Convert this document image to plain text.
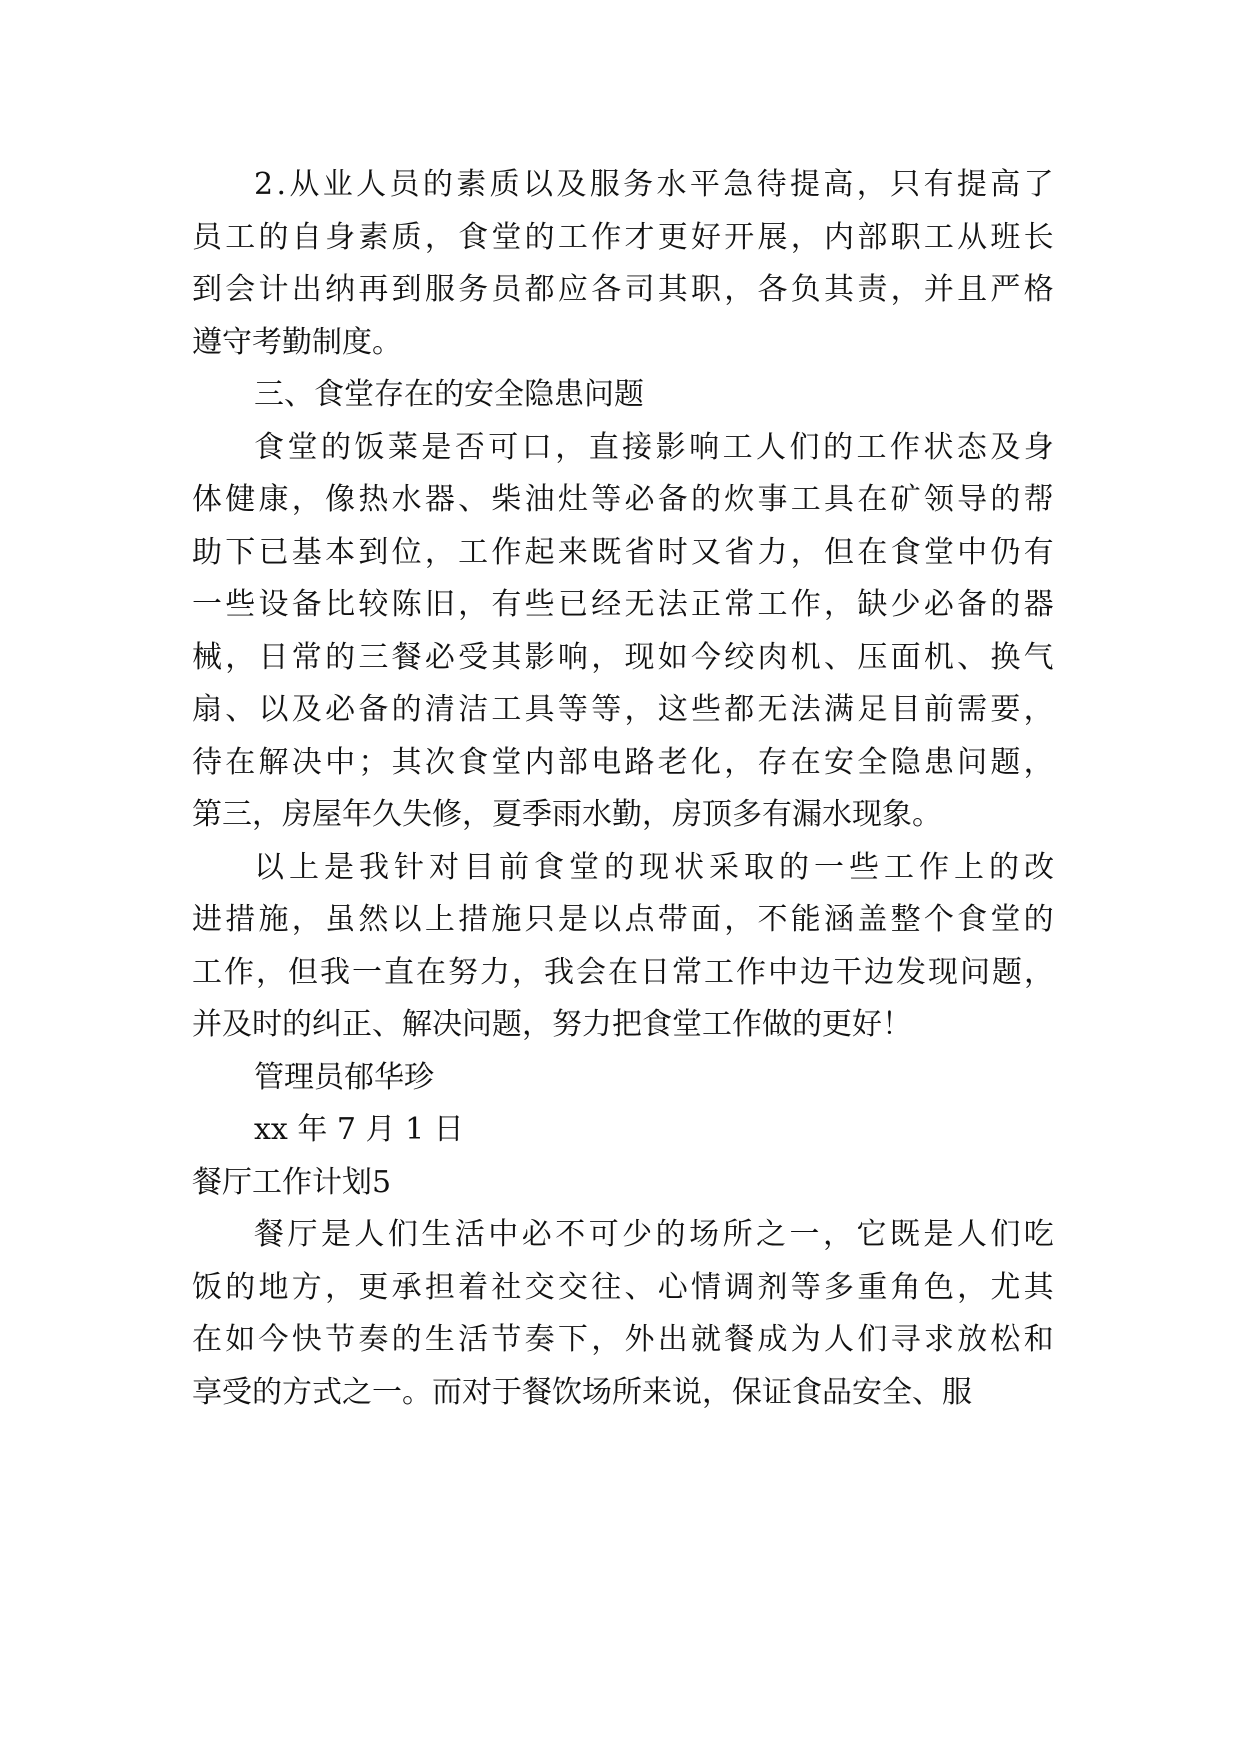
2 . 从 业 人 员 的 素 质 以 及 服 务 水 平 急 待 提 高 ， 只 有 提 高 了
员 工 的 自 身 素 质 ， 食 堂 的 工 作 才 更 好 开 展 ， 内 部 职 工 从 班 长
到 会 计 出 纳 再 到 服 务 员 都 应 各 司 其 职 ， 各 负 其 责 ， 并 且 严 格
遵守考勤制度。
三、食堂存在的安全隐患问题
食 堂 的 饭 菜 是 否 可 口 ， 直 接 影 响 工 人 们 的 工 作 状 态 及 身
体 健 康 ， 像 热 水 器 、 柴 油 灶 等 必 备 的 炊 事 工 具 在 矿 领 导 的 帮
助 下 已 基 本 到 位 ， 工 作 起 来 既 省 时 又 省 力 ， 但 在 食 堂 中 仍 有
一 些 设 备 比 较 陈 旧 ， 有 些 已 经 无 法 正 常 工 作 ， 缺 少 必 备 的 器
械 ， 日 常 的 三 餐 必 受 其 影 响 ， 现 如 今 绞 肉 机 、 压 面 机 、 换 气
扇 、 以 及 必 备 的 清 洁 工 具 等 等 ， 这 些 都 无 法 满 足 目 前 需 要 ，
待 在 解 决 中 ； 其 次 食 堂 内 部 电 路 老 化 ， 存 在 安 全 隐 患 问 题 ，
第三，房屋年久失修，夏季雨水勤，房顶多有漏水现象。
以 上 是 我 针 对 目 前 食 堂 的 现 状 采 取 的 一 些 工 作 上 的 改
进 措 施 ， 虽 然 以 上 措 施 只 是 以 点 带 面 ， 不 能 涵 盖 整 个 食 堂 的
工 作 ， 但 我 一 直 在 努 力 ， 我 会 在 日 常 工 作 中 边 干 边 发 现 问 题 ，
并及时的纠正、解决问题，努力把食堂工作做的更好！
管理员郁华珍
xx 年 7 月 1 日
餐厅工作计划5
餐 厅 是 人 们 生 活 中 必 不 可 少 的 场 所 之 一 ， 它 既 是 人 们 吃
饭 的 地 方 ， 更 承 担 着 社 交 交 往 、 心 情 调 剂 等 多 重 角 色 ， 尤 其
在 如 今 快 节 奏 的 生 活 节 奏 下 ， 外 出 就 餐 成 为 人 们 寻 求 放 松 和
享受的方式之一。而对于餐饮场所来说，保证食品安全、服
